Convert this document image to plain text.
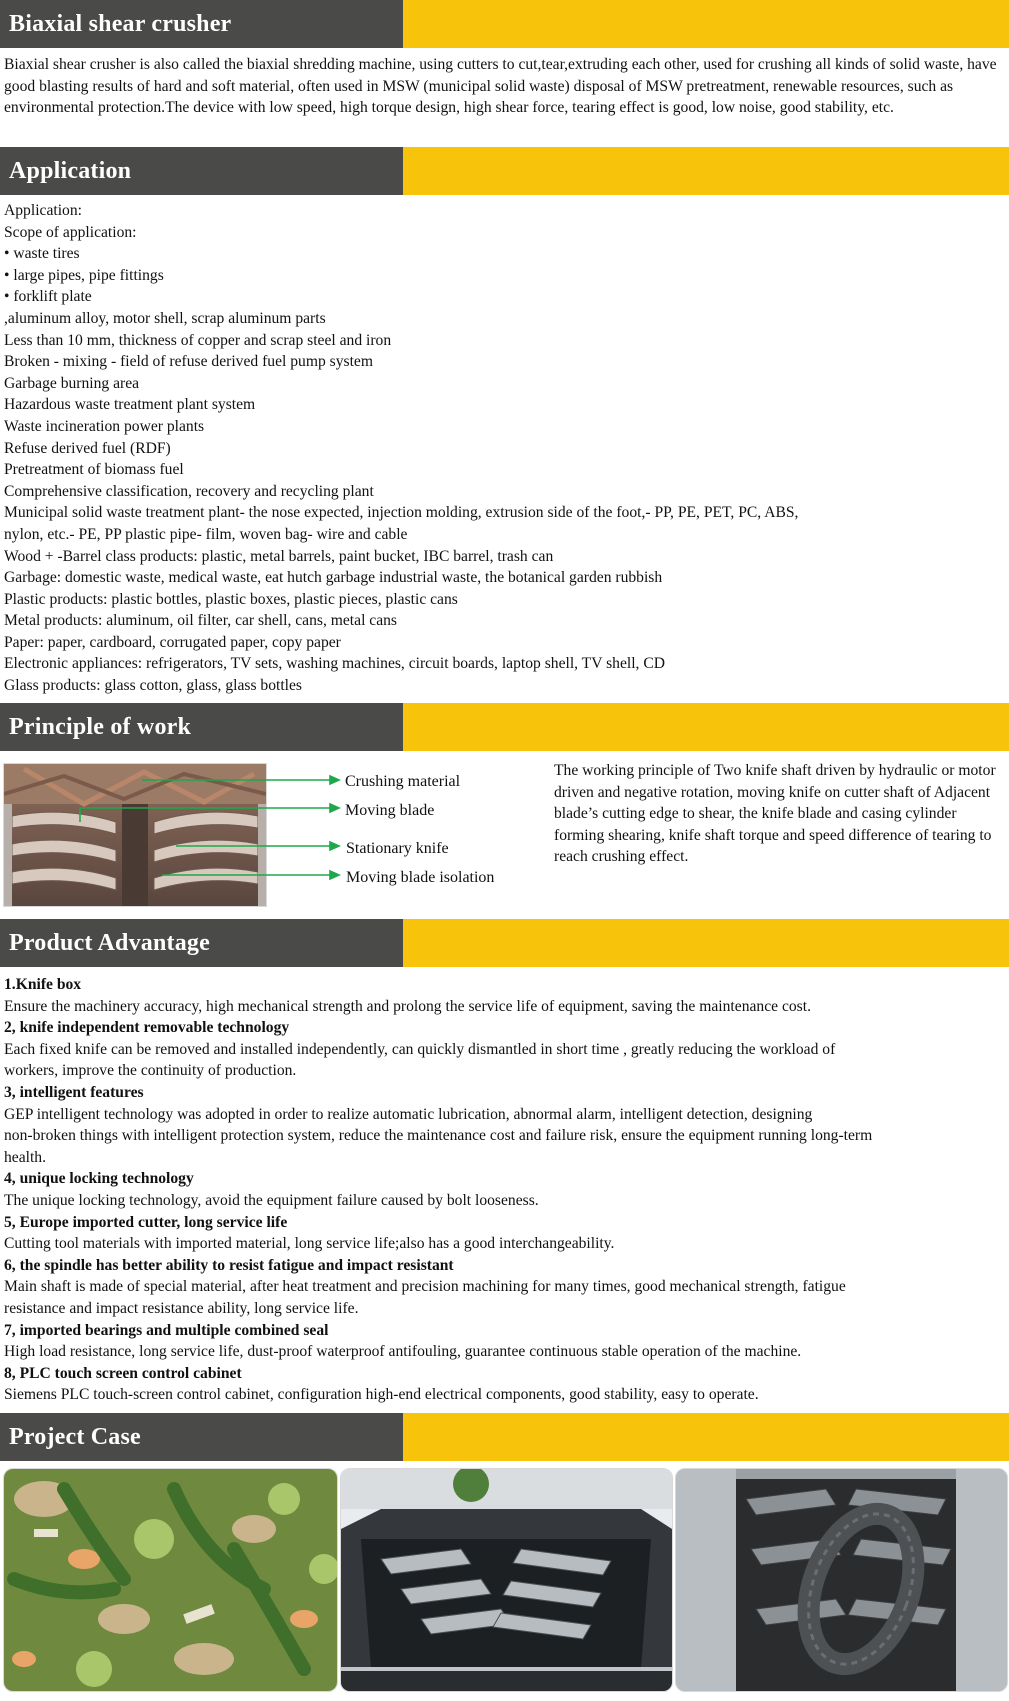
Biaxial shear crusher
Biaxial shear crusher is also called the biaxial shredding machine, using cutters to cut,tear,extruding each other, used for crushing all kinds of solid waste, have good blasting results of hard and soft material, often used in MSW (municipal solid waste) disposal of MSW pretreatment, renewable resources, such as environmental protection.The device with low speed, high torque design, high shear force, tearing effect is good, low noise, good stability, etc.
Application
Application:
Scope of application:
• waste tires
• large pipes, pipe fittings
• forklift plate
,aluminum alloy, motor shell, scrap aluminum parts
Less than 10 mm, thickness of copper and scrap steel and iron
Broken - mixing - field of refuse derived fuel pump system
Garbage burning area
Hazardous waste treatment plant system
Waste incineration power plants
Refuse derived fuel (RDF)
Pretreatment of biomass fuel
Comprehensive classification, recovery and recycling plant
Municipal solid waste treatment plant- the nose expected, injection molding, extrusion side of the foot,- PP, PE, PET, PC, ABS,
nylon, etc.- PE, PP plastic pipe- film, woven bag- wire and cable
Wood + -Barrel class products: plastic, metal barrels, paint bucket, IBC barrel, trash can
Garbage: domestic waste, medical waste, eat hutch garbage industrial waste, the botanical garden rubbish
Plastic products: plastic bottles, plastic boxes, plastic pieces, plastic cans
Metal products: aluminum, oil filter, car shell, cans, metal cans
Paper: paper, cardboard, corrugated paper, copy paper
Electronic appliances: refrigerators, TV sets, washing machines, circuit boards, laptop shell, TV shell, CD
Glass products: glass cotton, glass, glass bottles
Principle of work
Crushing material
Moving blade
Stationary knife
Moving blade isolation
The working principle of Two knife shaft driven by hydraulic or motor driven and negative rotation, moving knife on cutter shaft of Adjacent blade’s cutting edge to shear, the knife blade and casing cylinder forming shearing, knife shaft torque and speed difference of tearing to reach crushing effect.
Product Advantage
1.Knife box
Ensure the machinery accuracy, high mechanical strength and prolong the service life of equipment, saving the maintenance cost.
2, knife independent removable technology
Each fixed knife can be removed and installed independently, can quickly dismantled in short time , greatly reducing the workload of
workers, improve the continuity of production.
3, intelligent features
GEP intelligent technology was adopted in order to realize automatic lubrication, abnormal alarm, intelligent detection, designing
non-broken things with intelligent protection system, reduce the maintenance cost and failure risk, ensure the equipment running long-term
health.
4, unique locking technology
The unique locking technology, avoid the equipment failure caused by bolt looseness.
5, Europe imported cutter, long service life
Cutting tool materials with imported material, long service life;also has a good interchangeability.
6, the spindle has better ability to resist fatigue and impact resistant
Main shaft is made of special material, after heat treatment and precision machining for many times, good mechanical strength, fatigue
resistance and impact resistance ability, long service life.
7, imported bearings and multiple combined seal
High load resistance, long service life, dust-proof waterproof antifouling, guarantee continuous stable operation of the machine.
8, PLC touch screen control cabinet
Siemens PLC touch-screen control cabinet, configuration high-end electrical components, good stability, easy to operate.
Project Case
